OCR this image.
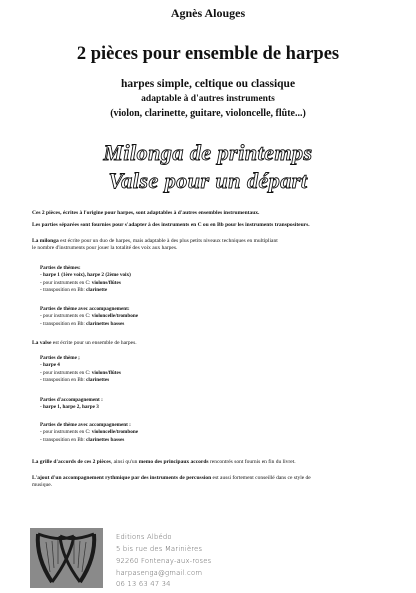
Agnès Alouges
2 pièces pour ensemble de harpes
harpes simple, celtique ou classique
adaptable à d'autres instruments
(violon, clarinette, guitare, violoncelle, flûte...)
Milonga de printemps
Valse pour un départ
Ces 2 pièces, écrites à l'origine pour harpes, sont adaptables à d'autres ensembles instrumentaux.
Les parties séparées sont fournies pour s'adapter à des instruments en C ou en Bb pour les instruments transpositeurs.
La milonga est écrite pour un duo de harpes, mais adaptable à des plus petits niveaux techniques en multipliant
le nombre d'instruments pour jouer la totalité des voix aux harpes.
Parties de thèmes:
- harpe 1 (1ère voix), harpe 2 (2ème voix)
- pour instruments en C: violons/flûtes
- transposition en Bb: clarinette
Parties de thème avec accompagnement:
- pour instruments en C: violoncelle/trombone
- transposition en Bb: clarinettes basses
La valse est écrite pour un ensemble de harpes.
Parties de thème ;
- harpe 4
- pour instruments en C: violons/flûtes
- transposition en Bb: clarinettes
Parties d'accompagnement :
- harpe 1, harpe 2, harpe 3
Parties de thème avec accompagnement :
- pour instruments en C: violoncelle/trombone
- transposition en Bb: clarinettes basses
La grille d'accords de ces 2 pièces, ainsi qu'un memo des principaux accords rencontrés sont fournis en fin du livret.
L'ajout d'un accompagnement rythmique par des instruments de percussion est aussi fortement conseillé dans ce style de
musique.
Editions Albédo
5 bis rue des Marinières
92260 Fontenay-aux-roses
harpasenga@gmail.com
06 13 63 47 34
